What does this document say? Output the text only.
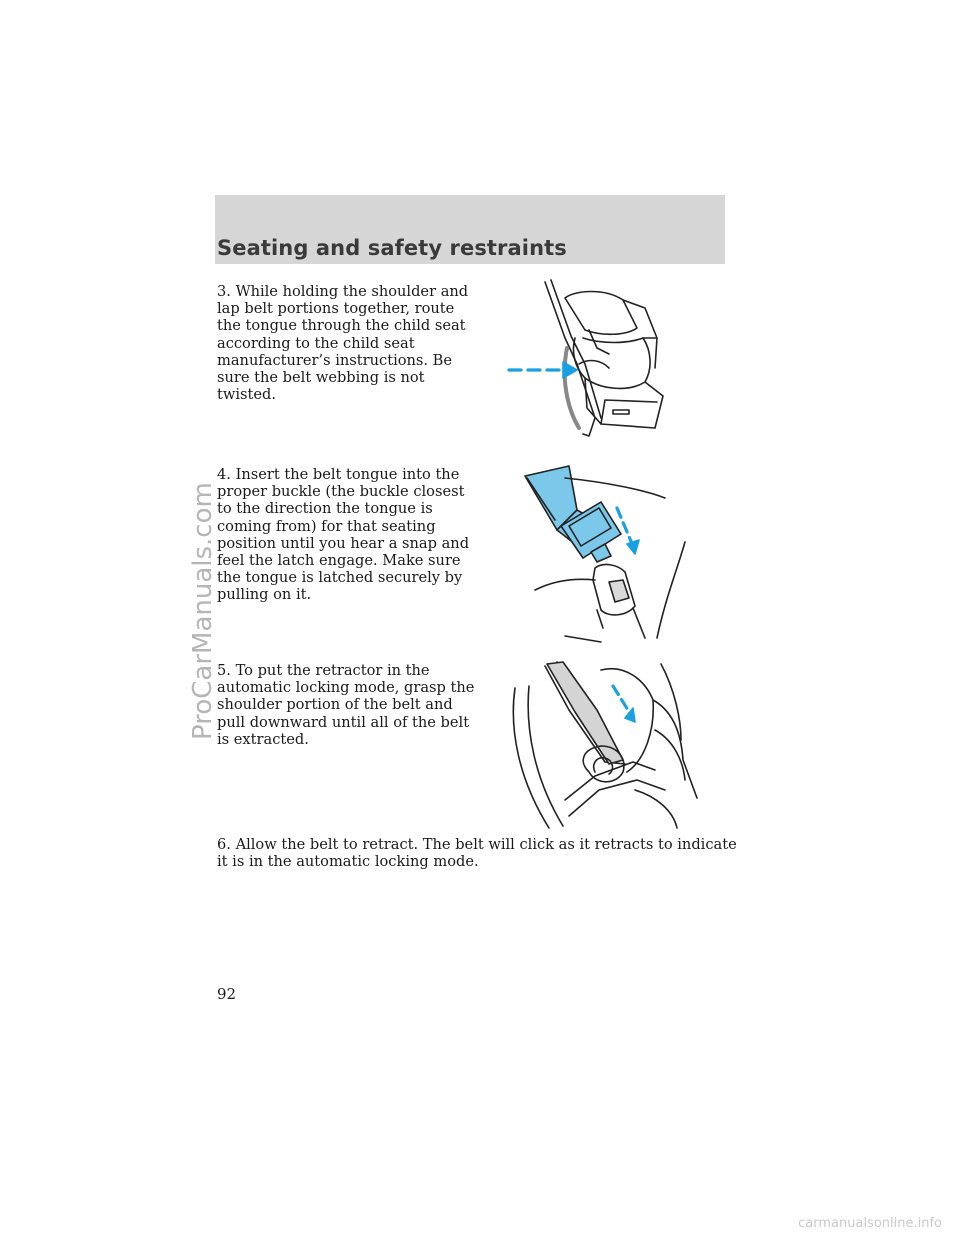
ProCarManuals.com
Seating and safety restraints

3. While holding the shoulder and lap belt portions together, route the tongue through the child seat according to the child seat manufacturer’s instructions. Be sure the belt webbing is not twisted.

4. Insert the belt tongue into the proper buckle (the buckle closest to the direction the tongue is coming from) for that seating position until you hear a snap and feel the latch engage. Make sure the tongue is latched securely by pulling on it.

5. To put the retractor in the automatic locking mode, grasp the shoulder portion of the belt and pull downward until all of the belt is extracted.

6. Allow the belt to retract. The belt will click as it retracts to indicate it is in the automatic locking mode.

92

carmanualsonline.info
